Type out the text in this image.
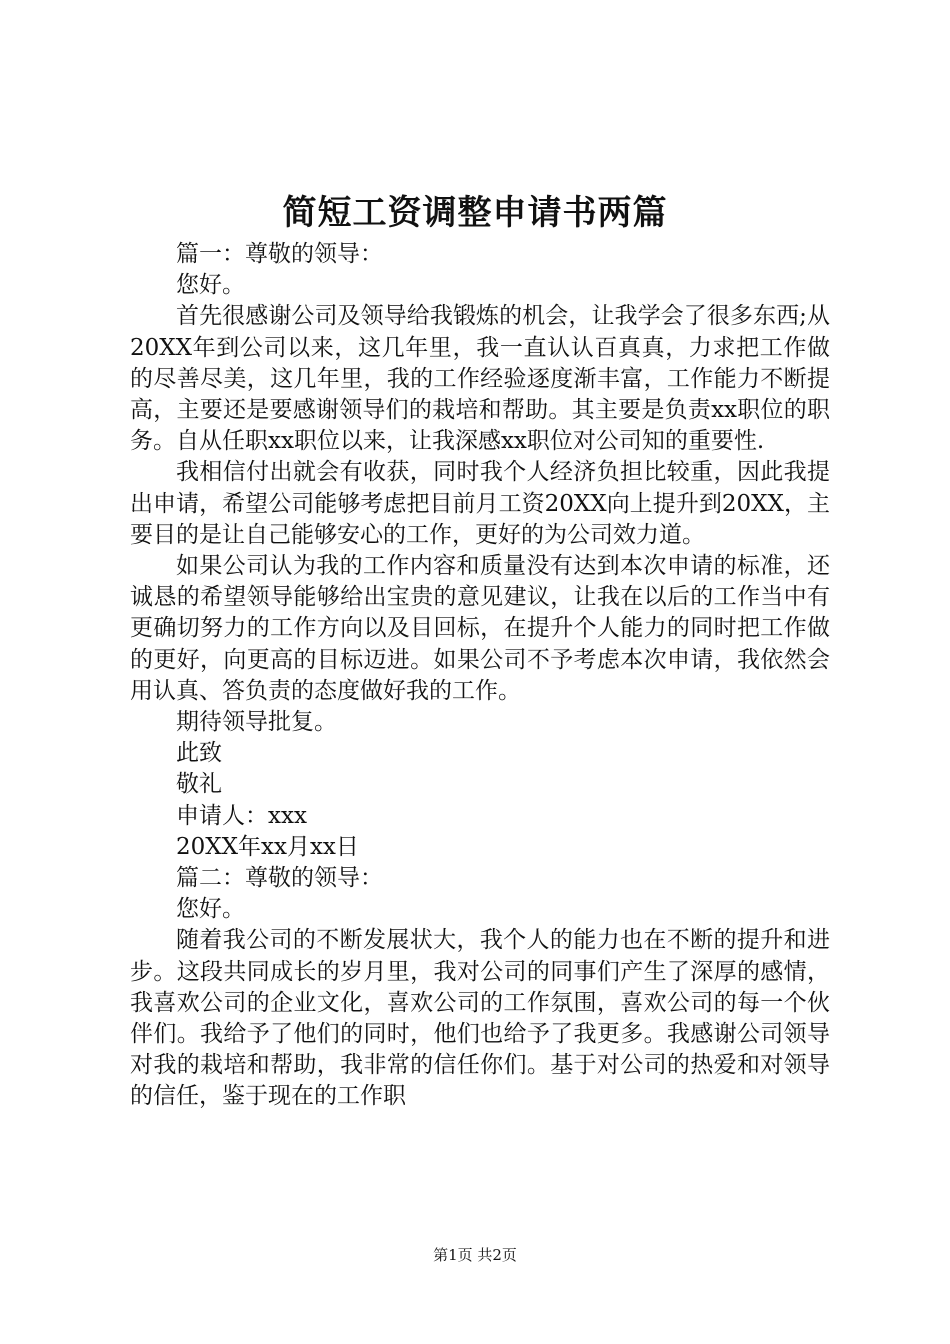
简短工资调整申请书两篇

篇一：尊敬的领导：

您好。

首先很感谢公司及领导给我锻炼的机会，让我学会了很多东西;从20XX年到公司以来，这几年里，我一直认认百真真，力求把工作做的尽善尽美，这几年里，我的工作经验逐度渐丰富，工作能力不断提高，主要还是要感谢领导们的栽培和帮助。其主要是负责xx职位的职务。自从任职xx职位以来，让我深感xx职位对公司知的重要性.

我相信付出就会有收获，同时我个人经济负担比较重，因此我提出申请，希望公司能够考虑把目前月工资20XX向上提升到20XX，主要目的是让自己能够安心的工作，更好的为公司效力道。

如果公司认为我的工作内容和质量没有达到本次申请的标准，还诚恳的希望领导能够给出宝贵的意见建议，让我在以后的工作当中有更确切努力的工作方向以及目回标，在提升个人能力的同时把工作做的更好，向更高的目标迈进。如果公司不予考虑本次申请，我依然会用认真、答负责的态度做好我的工作。

期待领导批复。

此致

敬礼

申请人：xxx

20XX年xx月xx日

篇二：尊敬的领导：

您好。

随着我公司的不断发展状大，我个人的能力也在不断的提升和进步。这段共同成长的岁月里，我对公司的同事们产生了深厚的感情，我喜欢公司的企业文化，喜欢公司的工作氛围，喜欢公司的每一个伙伴们。我给予了他们的同时，他们也给予了我更多。我感谢公司领导对我的栽培和帮助，我非常的信任你们。基于对公司的热爱和对领导的信任，鉴于现在的工作职

第1页 共2页
